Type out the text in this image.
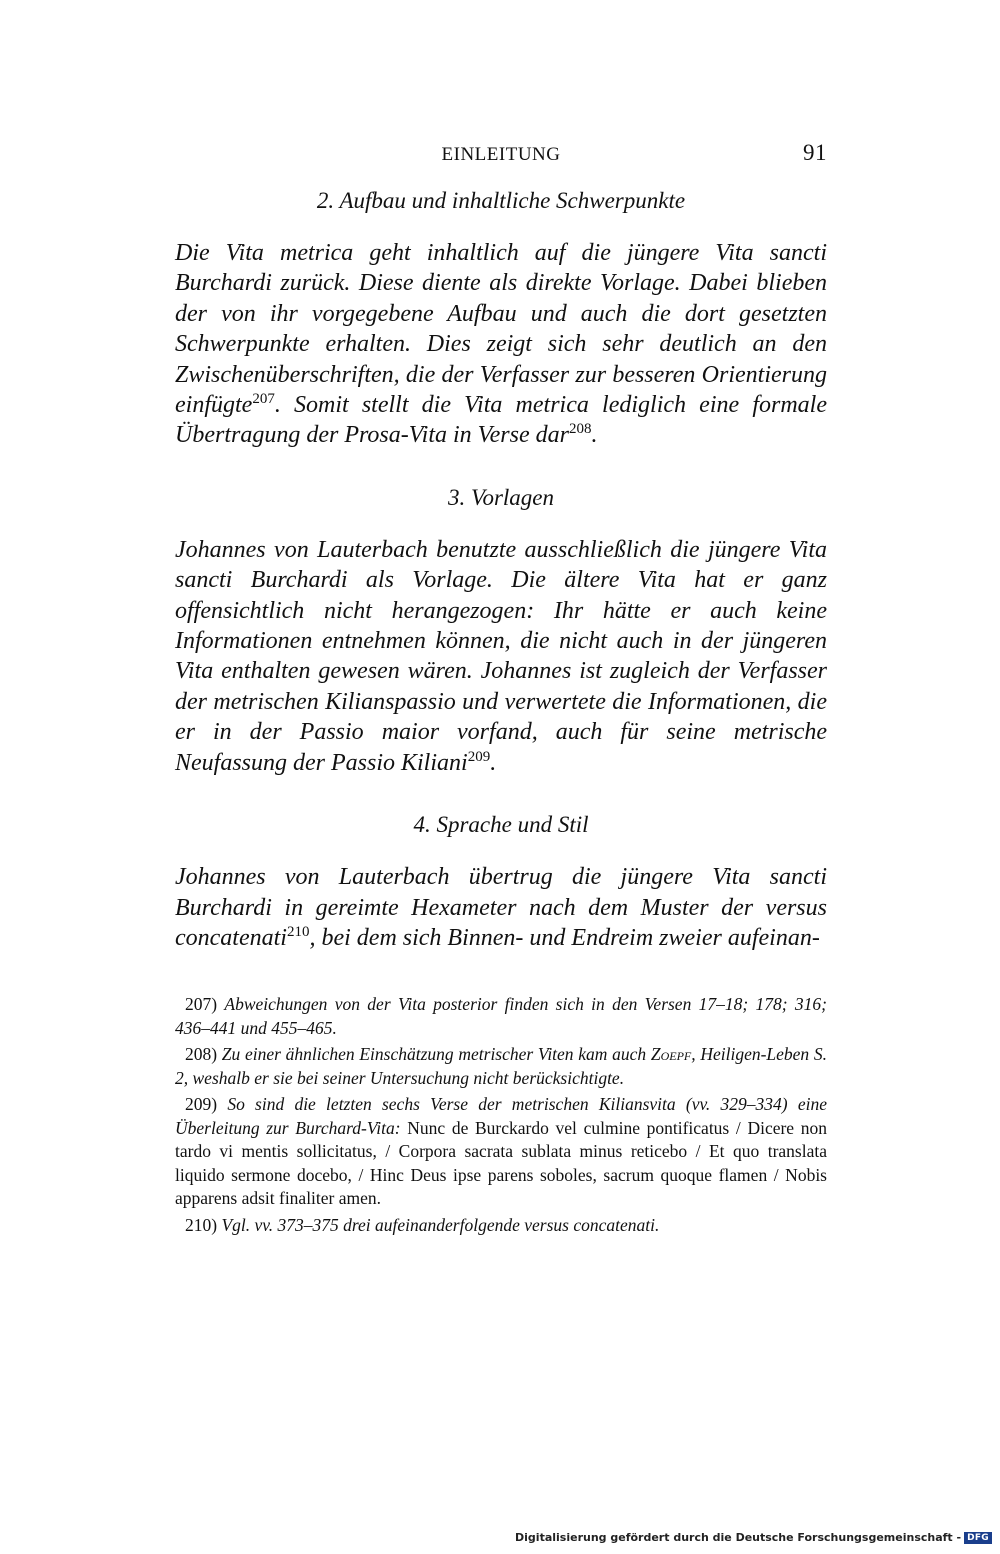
EINLEITUNG	91
2. Aufbau und inhaltliche Schwerpunkte

Die Vita metrica geht inhaltlich auf die jüngere Vita sancti Burchardi zurück. Diese diente als direkte Vorlage. Dabei blieben der von ihr vorgegebene Aufbau und auch die dort gesetzten Schwerpunkte erhalten. Dies zeigt sich sehr deutlich an den Zwischenüberschriften, die der Verfasser zur besseren Orientierung einfügte$^{207}$. Somit stellt die Vita metrica lediglich eine formale Übertragung der Prosa-Vita in Verse dar$^{208}$.

3. Vorlagen

Johannes von Lauterbach benutzte ausschließlich die jüngere Vita sancti Burchardi als Vorlage. Die ältere Vita hat er ganz offensichtlich nicht herangezogen: Ihr hätte er auch keine Informationen entnehmen können, die nicht auch in der jüngeren Vita enthalten gewesen wären. Johannes ist zugleich der Verfasser der metrischen Kilianspassio und verwertete die Informationen, die er in der Passio maior vorfand, auch für seine metrische Neufassung der Passio Kiliani$^{209}$.

4. Sprache und Stil

Johannes von Lauterbach übertrug die jüngere Vita sancti Burchardi in gereimte Hexameter nach dem Muster der versus concatenati$^{210}$, bei dem sich Binnen- und Endreim zweier aufeinan-

207) Abweichungen von der Vita posterior finden sich in den Versen 17–18; 178; 316; 436–441 und 455–465.

208) Zu einer ähnlichen Einschätzung metrischer Viten kam auch Zoepf, Heiligen-Leben S. 2, weshalb er sie bei seiner Untersuchung nicht berücksichtigte.

209) So sind die letzten sechs Verse der metrischen Kiliansvita (vv. 329–334) eine Überleitung zur Burchard-Vita: Nunc de Burckardo vel culmine pontificatus / Dicere non tardo vi mentis sollicitatus, / Corpora sacrata sublata minus reticebo / Et quo translata liquido sermone docebo, / Hinc Deus ipse parens soboles, sacrum quoque flamen / Nobis apparens adsit finaliter amen.

210) Vgl. vv. 373–375 drei aufeinanderfolgende versus concatenati.

Digitalisierung gefördert durch die Deutsche Forschungsgemeinschaft - DFG
